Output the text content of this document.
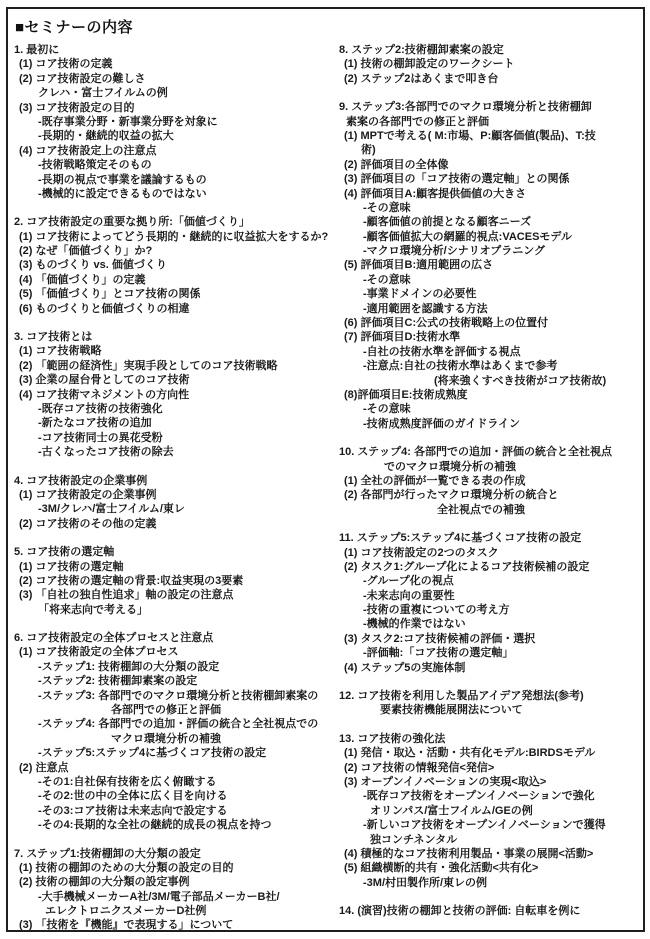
■セミナーの内容
1. 最初に
(1) コア技術の定義
(2) コア技術設定の難しさ
クレハ・富士フイルムの例
(3) コア技術設定の目的
-既存事業分野・新事業分野を対象に
-長期的・継続的収益の拡大
(4) コア技術設定上の注意点
-技術戦略策定そのもの
-長期の視点で事業を議論するもの
-機械的に設定できるものではない
2. コア技術設定の重要な拠り所:「価値づくり」
(1) コア技術によってどう長期的・継続的に収益拡大をするか?
(2) なぜ「価値づくり」か?
(3) ものづくり vs. 価値づくり
(4) 「価値づくり」の定義
(5) 「価値づくり」とコア技術の関係
(6) ものづくりと価値づくりの相違
3. コア技術とは
(1) コア技術戦略
(2) 「範囲の経済性」実現手段としてのコア技術戦略
(3) 企業の屋台骨としてのコア技術
(4) コア技術マネジメントの方向性
-既存コア技術の技術強化
-新たなコア技術の追加
-コア技術同士の異花受粉
-古くなったコア技術の除去
4. コア技術設定の企業事例
(1) コア技術設定の企業事例
-3M/クレハ/富士フイルム/東レ
(2) コア技術のその他の定義
5. コア技術の選定軸
(1) コア技術の選定軸
(2) コア技術の選定軸の背景:収益実現の3要素
(3) 「自社の独自性追求」軸の設定の注意点
「将来志向で考える」
6. コア技術設定の全体プロセスと注意点
(1) コア技術設定の全体プロセス
-ステップ1: 技術棚卸の大分類の設定
-ステップ2: 技術棚卸素案の設定
-ステップ3: 各部門でのマクロ環境分析と技術棚卸素案の
各部門での修正と評価
-ステップ4: 各部門での追加・評価の統合と全社視点での
マクロ環境分析の補強
-ステップ5:ステップ4に基づくコア技術の設定
(2) 注意点
-その1:自社保有技術を広く俯瞰する
-その2:世の中の全体に広く目を向ける
-その3:コア技術は未来志向で設定する
-その4:長期的な全社の継続的成長の視点を持つ
7. ステップ1:技術棚卸の大分類の設定
(1) 技術の棚卸のための大分類の設定の目的
(2) 技術の棚卸の大分類の設定事例
-大手機械メーカーA社/3M/電子部品メーカーB社/
エレクトロニクスメーカーD社例
(3) 「技術を『機能』で表現する」について
8. ステップ2:技術棚卸素案の設定
(1) 技術の棚卸設定のワークシート
(2) ステップ2はあくまで叩き台
9. ステップ3:各部門でのマクロ環境分析と技術棚卸
素案の各部門での修正と評価
(1) MPTで考える( M:市場、P:顧客価値(製品)、T:技
術)
(2) 評価項目の全体像
(3) 評価項目の「コア技術の選定軸」との関係
(4) 評価項目A:顧客提供価値の大きさ
-その意味
-顧客価値の前提となる顧客ニーズ
-顧客価値拡大の網羅的視点:VACESモデル
-マクロ環境分析/シナリオプラニング
(5) 評価項目B:適用範囲の広さ
-その意味
-事業ドメインの必要性
-適用範囲を認識する方法
(6) 評価項目C:公式の技術戦略上の位置付
(7) 評価項目D:技術水準
-自社の技術水準を評価する視点
-注意点:自社の技術水準はあくまで参考
(将来強くすべき技術がコア技術故)
(8)評価項目E:技術成熟度
-その意味
-技術成熟度評価のガイドライン
10. ステップ4: 各部門での追加・評価の統合と全社視点
でのマクロ環境分析の補強
(1) 全社の評価が一覧できる表の作成
(2) 各部門が行ったマクロ環境分析の統合と
全社視点での補強
11. ステップ5:ステップ4に基づくコア技術の設定
(1) コア技術設定の2つのタスク
(2) タスク1:グループ化によるコア技術候補の設定
-グループ化の視点
-未来志向の重要性
-技術の重複についての考え方
-機械的作業ではない
(3) タスク2:コア技術候補の評価・選択
-評価軸:「コア技術の選定軸」
(4) ステップ5の実施体制
12. コア技術を利用した製品アイデア発想法(参考)
要素技術機能展開法について
13. コア技術の強化法
(1) 発信・取込・活動・共有化モデル:BIRDSモデル
(2) コア技術の情報発信<発信>
(3) オープンイノベーションの実現<取込>
-既存コア技術をオープンイノベーションで強化
オリンパス/富士フイルム/GEの例
-新しいコア技術をオープンイノベーションで獲得
独コンチネンタル
(4) 積極的なコア技術利用製品・事業の展開<活動>
(5) 組織横断的共有・強化活動<共有化>
-3M/村田製作所/東レの例
14. (演習)技術の棚卸と技術の評価: 自転車を例に
